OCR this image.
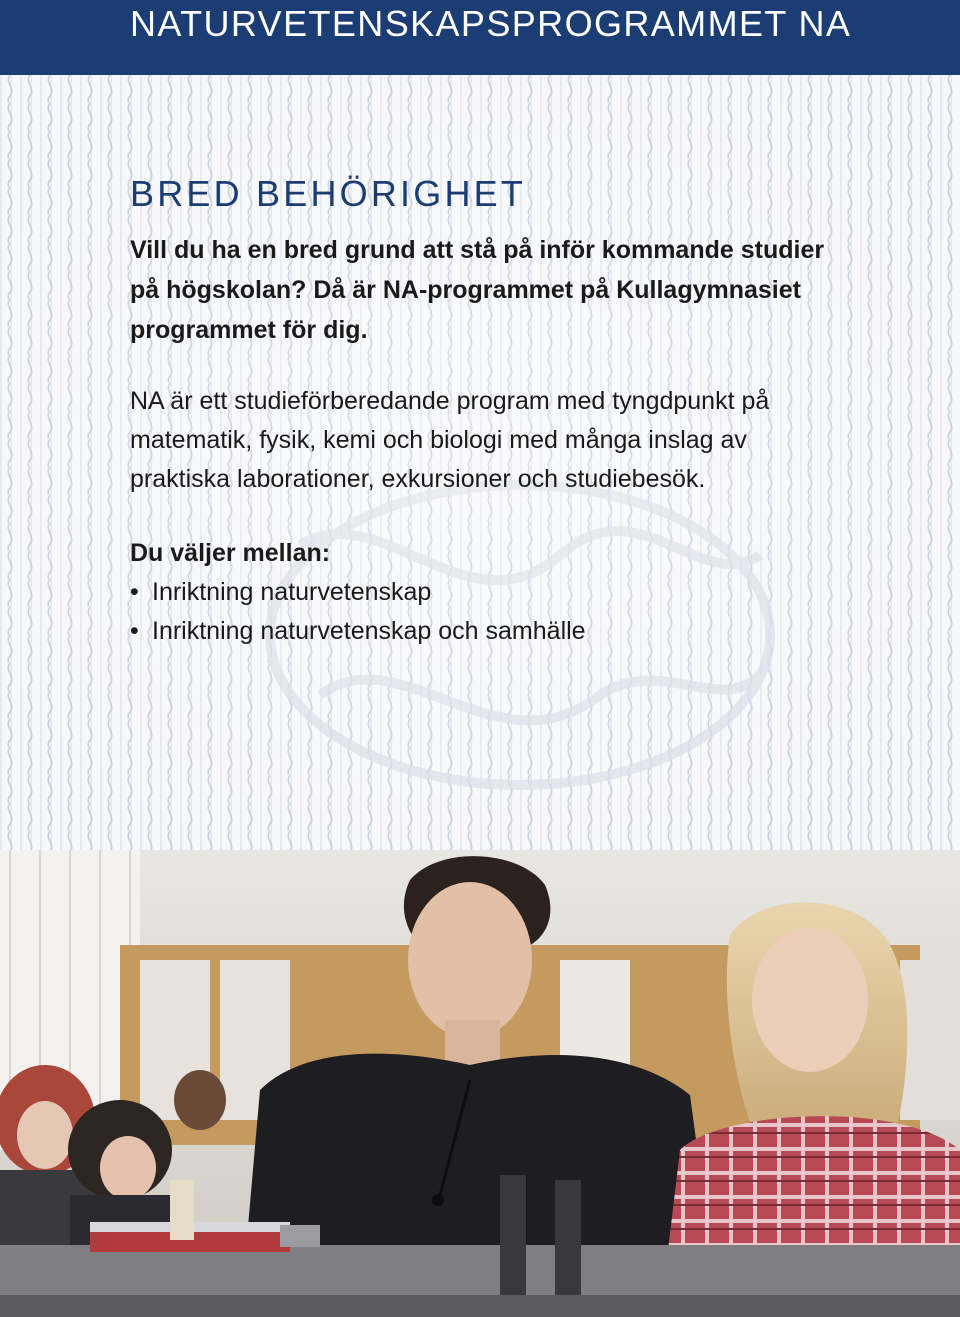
NATURVETENSKAPSPROGRAMMET NA
BRED BEHÖRIGHET

Vill du ha en bred grund att stå på inför kommande studier på högskolan? Då är NA-programmet på Kullagymnasiet programmet för dig.

NA är ett studieförberedande program med tyngdpunkt på matematik, fysik, kemi och biologi med många inslag av praktiska laborationer, exkursioner och studiebesök.

Du väljer mellan:
• Inriktning naturvetenskap
• Inriktning naturvetenskap och samhälle
